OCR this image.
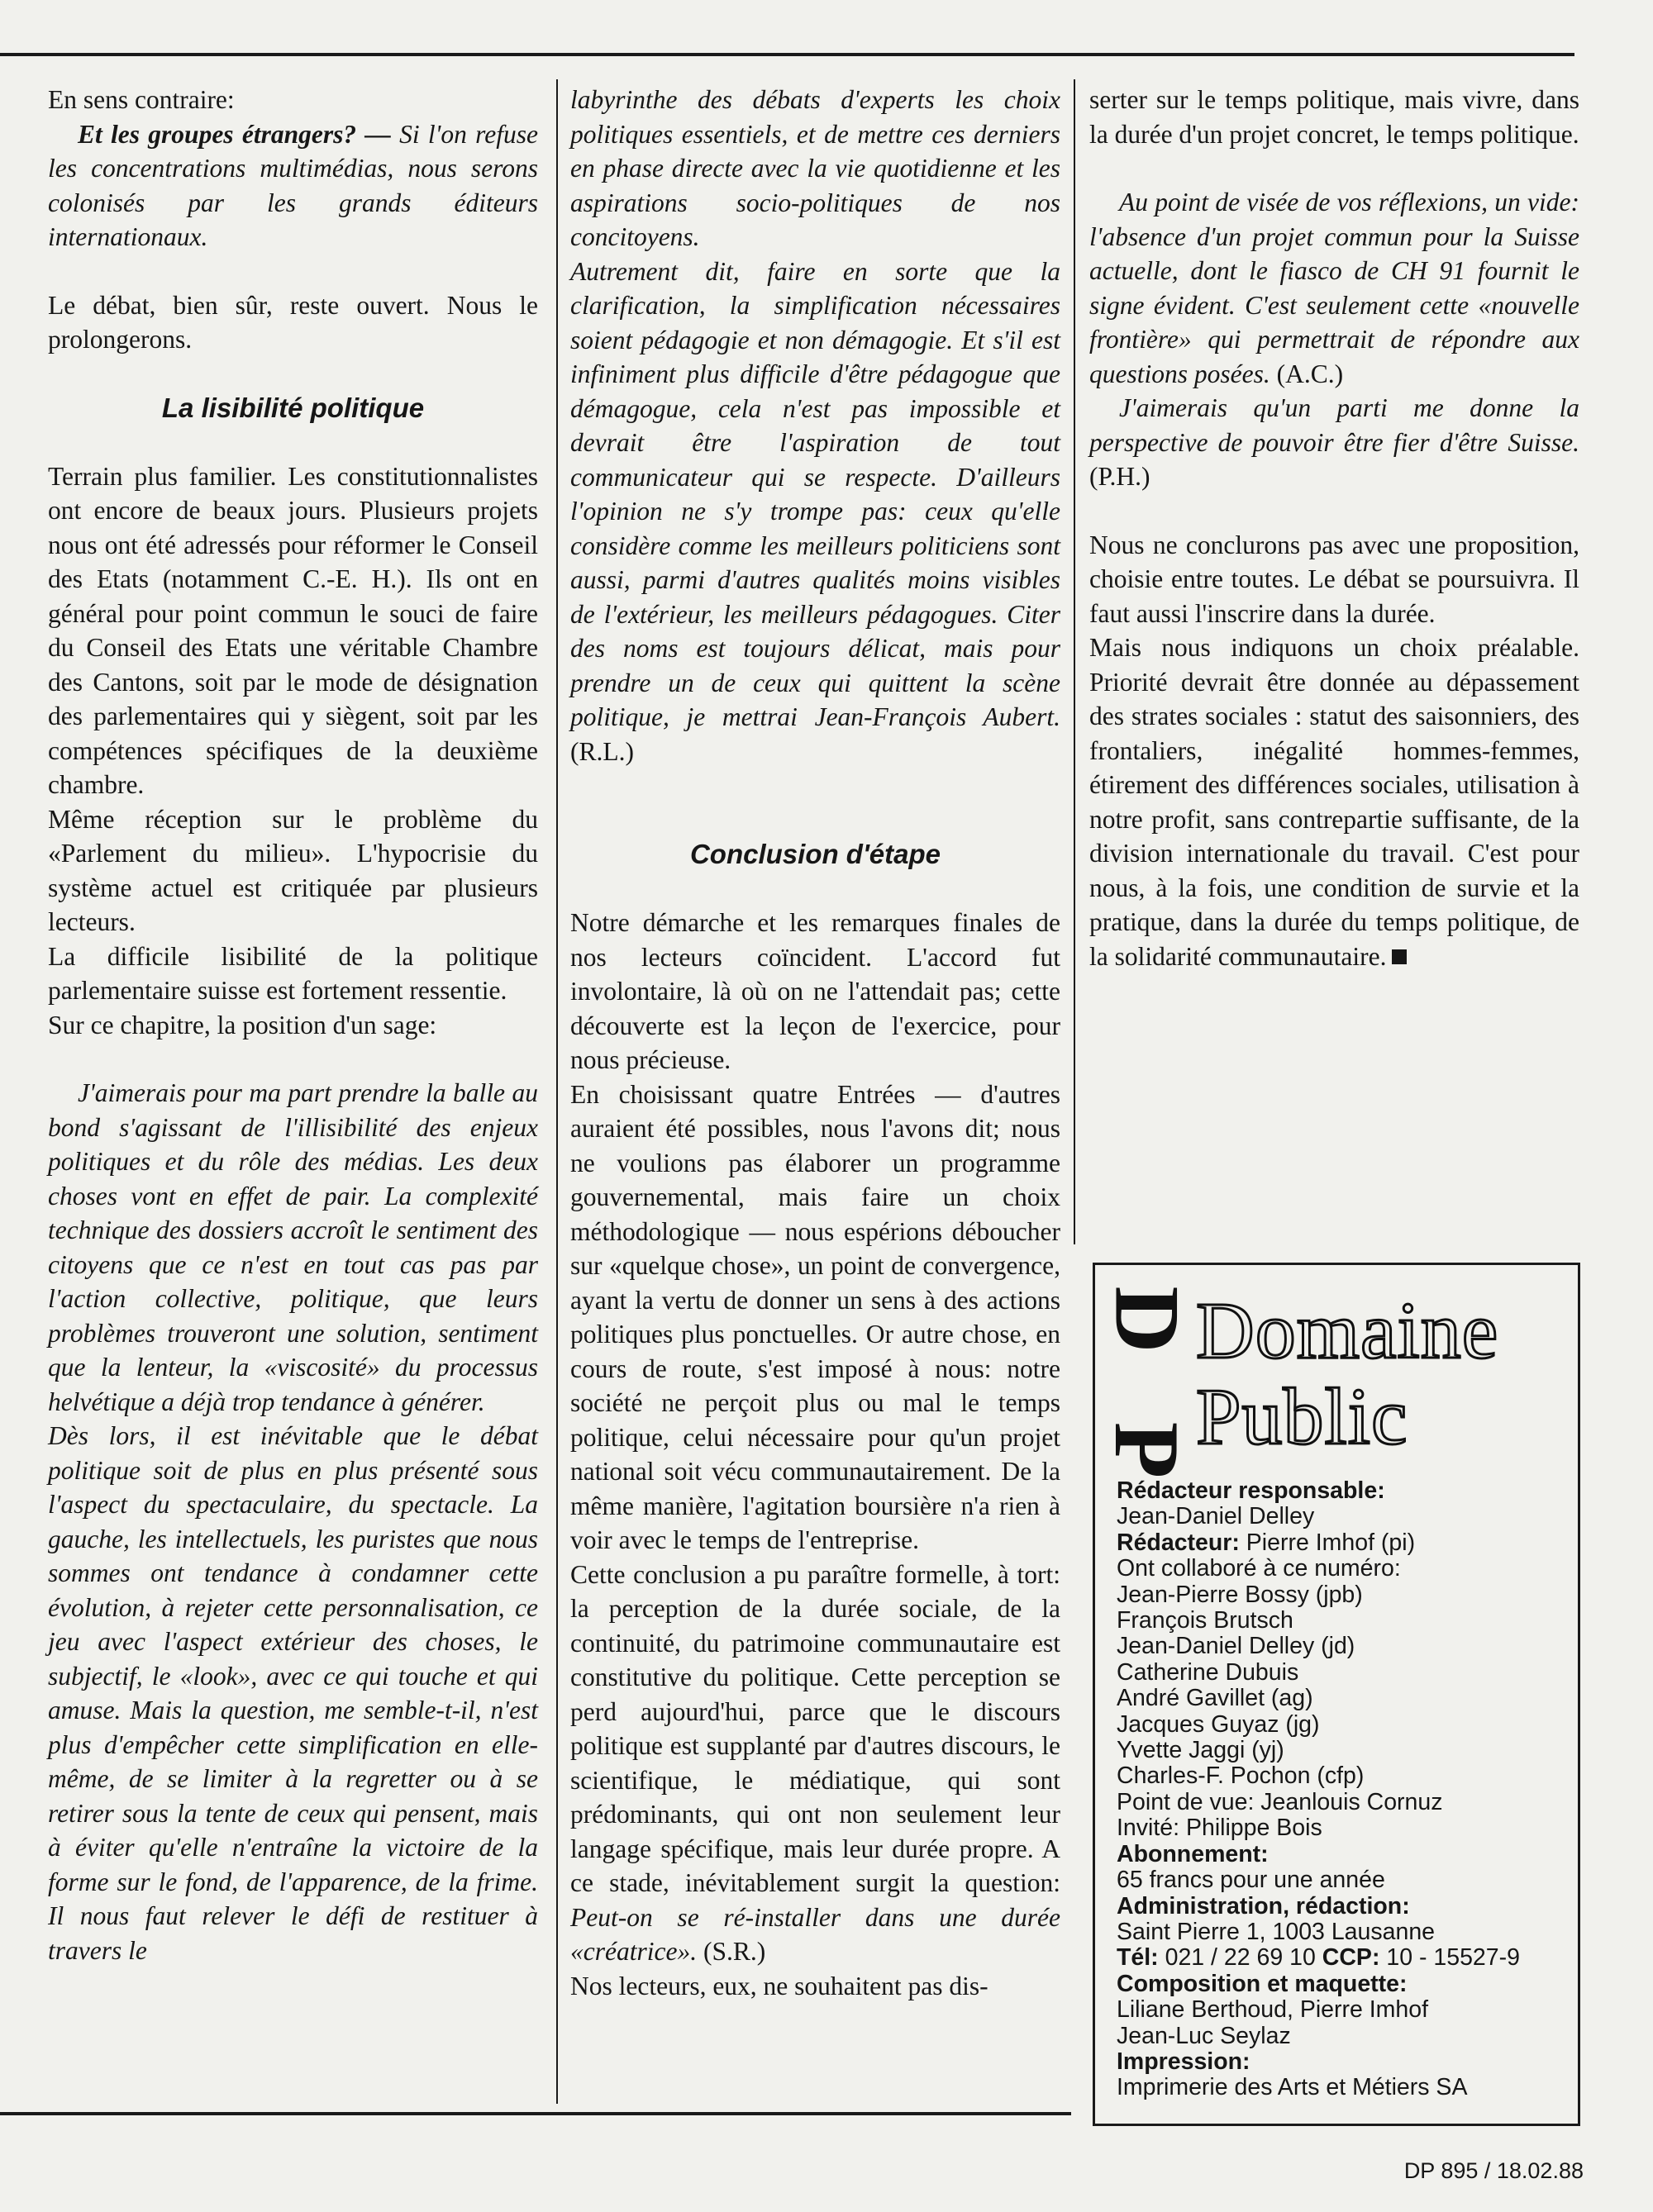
En sens contraire:

Et les groupes étrangers? — Si l'on refuse les concentrations multimédias, nous serons colonisés par les grands éditeurs internationaux.

Le débat, bien sûr, reste ouvert. Nous le prolongerons.

La lisibilité politique

Terrain plus familier. Les constitutionnalistes ont encore de beaux jours. Plusieurs projets nous ont été adressés pour réformer le Conseil des Etats (notamment C.-E. H.). Ils ont en général pour point commun le souci de faire du Conseil des Etats une véritable Chambre des Cantons, soit par le mode de désignation des parlementaires qui y siègent, soit par les compétences spécifiques de la deuxième chambre.

Même réception sur le problème du «Parlement du milieu». L'hypocrisie du système actuel est critiquée par plusieurs lecteurs.

La difficile lisibilité de la politique parlementaire suisse est fortement ressentie.

Sur ce chapitre, la position d'un sage:

J'aimerais pour ma part prendre la balle au bond s'agissant de l'illisibilité des enjeux politiques et du rôle des médias. Les deux choses vont en effet de pair. La complexité technique des dossiers accroît le sentiment des citoyens que ce n'est en tout cas pas par l'action collective, politique, que leurs problèmes trouveront une solution, sentiment que la lenteur, la «viscosité» du processus helvétique a déjà trop tendance à générer.

Dès lors, il est inévitable que le débat politique soit de plus en plus présenté sous l'aspect du spectaculaire, du spectacle. La gauche, les intellectuels, les puristes que nous sommes ont tendance à condamner cette évolution, à rejeter cette personnalisation, ce jeu avec l'aspect extérieur des choses, le subjectif, le «look», avec ce qui touche et qui amuse. Mais la question, me semble-t-il, n'est plus d'empêcher cette simplification en elle-même, de se limiter à la regretter ou à se retirer sous la tente de ceux qui pensent, mais à éviter qu'elle n'entraîne la victoire de la forme sur le fond, de l'apparence, de la frime. Il nous faut relever le défi de restituer à travers le

labyrinthe des débats d'experts les choix politiques essentiels, et de mettre ces derniers en phase directe avec la vie quotidienne et les aspirations socio-politiques de nos concitoyens.

Autrement dit, faire en sorte que la clarification, la simplification nécessaires soient pédagogie et non démagogie. Et s'il est infiniment plus difficile d'être pédagogue que démagogue, cela n'est pas impossible et devrait être l'aspiration de tout communicateur qui se respecte. D'ailleurs l'opinion ne s'y trompe pas: ceux qu'elle considère comme les meilleurs politiciens sont aussi, parmi d'autres qualités moins visibles de l'extérieur, les meilleurs pédagogues. Citer des noms est toujours délicat, mais pour prendre un de ceux qui quittent la scène politique, je mettrai Jean-François Aubert. (R.L.)

Conclusion d'étape

Notre démarche et les remarques finales de nos lecteurs coïncident. L'accord fut involontaire, là où on ne l'attendait pas; cette découverte est la leçon de l'exercice, pour nous précieuse.

En choisissant quatre Entrées — d'autres auraient été possibles, nous l'avons dit; nous ne voulions pas élaborer un programme gouvernemental, mais faire un choix méthodologique — nous espérions déboucher sur «quelque chose», un point de convergence, ayant la vertu de donner un sens à des actions politiques plus ponctuelles. Or autre chose, en cours de route, s'est imposé à nous: notre société ne perçoit plus ou mal le temps politique, celui nécessaire pour qu'un projet national soit vécu communautairement. De la même manière, l'agitation boursière n'a rien à voir avec le temps de l'entreprise.

Cette conclusion a pu paraître formelle, à tort: la perception de la durée sociale, de la continuité, du patrimoine communautaire est constitutive du politique. Cette perception se perd aujourd'hui, parce que le discours politique est supplanté par d'autres discours, le scientifique, le médiatique, qui sont prédominants, qui ont non seulement leur langage spécifique, mais leur durée propre. A ce stade, inévitablement surgit la question: Peut-on se ré-installer dans une durée «créatrice». (S.R.)

Nos lecteurs, eux, ne souhaitent pas dis-

serter sur le temps politique, mais vivre, dans la durée d'un projet concret, le temps politique.

Au point de visée de vos réflexions, un vide: l'absence d'un projet commun pour la Suisse actuelle, dont le fiasco de CH 91 fournit le signe évident. C'est seulement cette «nouvelle frontière» qui permettrait de répondre aux questions posées. (A.C.)

J'aimerais qu'un parti me donne la perspective de pouvoir être fier d'être Suisse. (P.H.)

Nous ne conclurons pas avec une proposition, choisie entre toutes. Le débat se poursuivra. Il faut aussi l'inscrire dans la durée.

Mais nous indiquons un choix préalable. Priorité devrait être donnée au dépassement des strates sociales : statut des saisonniers, des frontaliers, inégalité hommes-femmes, étirement des différences sociales, utilisation à notre profit, sans contrepartie suffisante, de la division internationale du travail. C'est pour nous, à la fois, une condition de survie et la pratique, dans la durée du temps politique, de la solidarité communautaire.

D
P
Domaine
Public
Rédacteur responsable:
Jean-Daniel Delley
Rédacteur: Pierre Imhof (pi)
Ont collaboré à ce numéro:
Jean-Pierre Bossy (jpb)
François Brutsch
Jean-Daniel Delley (jd)
Catherine Dubuis
André Gavillet (ag)
Jacques Guyaz (jg)
Yvette Jaggi (yj)
Charles-F. Pochon (cfp)
Point de vue: Jeanlouis Cornuz
Invité: Philippe Bois
Abonnement:
65 francs pour une année
Administration, rédaction:
Saint Pierre 1, 1003 Lausanne
Tél: 021 / 22 69 10 CCP: 10 - 15527-9
Composition et maquette:
Liliane Berthoud, Pierre Imhof
Jean-Luc Seylaz
Impression:
Imprimerie des Arts et Métiers SA
DP 895 / 18.02.88
